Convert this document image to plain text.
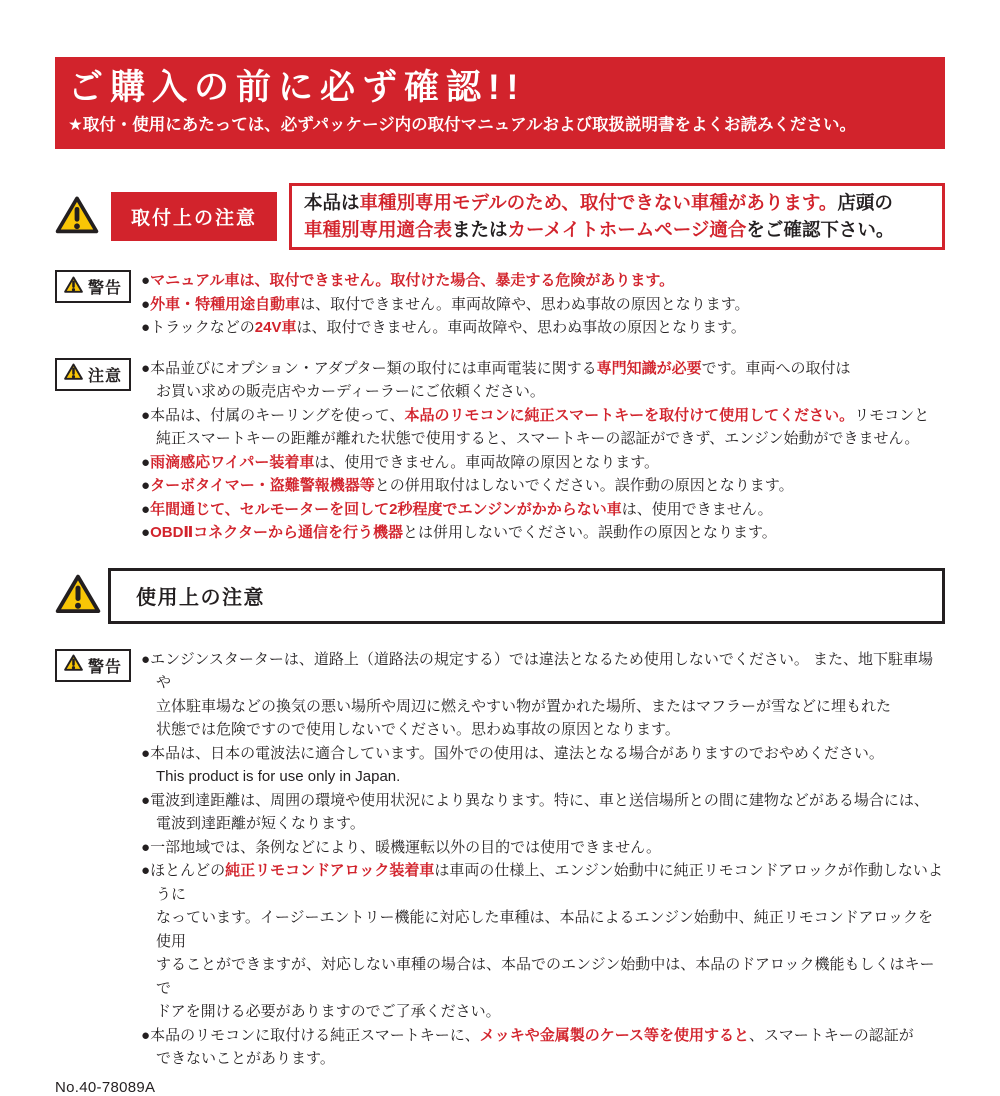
ご購入の前に必ず確認!!
★取付・使用にあたっては、必ずパッケージ内の取付マニュアルおよび取扱説明書をよくお読みください。
取付上の注意
本品は車種別専用モデルのため、取付できない車種があります。店頭の
車種別専用適合表またはカーメイトホームページ適合をご確認下さい。
警告 ●マニュアル車は、取付できません。取付けた場合、暴走する危険があります。
●外車・特種用途自動車は、取付できません。車両故障や、思わぬ事故の原因となります。
●トラックなどの24V車は、取付できません。車両故障や、思わぬ事故の原因となります。
注意 ●本品並びにオプション・アダプター類の取付には車両電装に関する専門知識が必要です。車両への取付は
お買い求めの販売店やカーディーラーにご依頼ください。
●本品は、付属のキーリングを使って、本品のリモコンに純正スマートキーを取付けて使用してください。リモコンと
純正スマートキーの距離が離れた状態で使用すると、スマートキーの認証ができず、エンジン始動ができません。
●雨滴感応ワイパー装着車は、使用できません。車両故障の原因となります。
●ターボタイマー・盗難警報機器等との併用取付はしないでください。誤作動の原因となります。
●年間通じて、セルモーターを回して2秒程度でエンジンがかからない車は、使用できません。
●OBDⅡコネクターから通信を行う機器とは併用しないでください。誤動作の原因となります。
使用上の注意
警告 ●エンジンスターターは、道路上（道路法の規定する）では違法となるため使用しないでください。 また、地下駐車場や
立体駐車場などの換気の悪い場所や周辺に燃えやすい物が置かれた場所、またはマフラーが雪などに埋もれた
状態では危険ですので使用しないでください。思わぬ事故の原因となります。
●本品は、日本の電波法に適合しています。国外での使用は、違法となる場合がありますのでおやめください。
This product is for use only in Japan.
●電波到達距離は、周囲の環境や使用状況により異なります。特に、車と送信場所との間に建物などがある場合には、
電波到達距離が短くなります。
●一部地域では、条例などにより、暖機運転以外の目的では使用できません。
●ほとんどの純正リモコンドアロック装着車は車両の仕様上、エンジン始動中に純正リモコンドアロックが作動しないように
なっています。イージーエントリー機能に対応した車種は、本品によるエンジン始動中、純正リモコンドアロックを使用
することができますが、対応しない車種の場合は、本品でのエンジン始動中は、本品のドアロック機能もしくはキーで
ドアを開ける必要がありますのでご了承ください。
●本品のリモコンに取付ける純正スマートキーに、メッキや金属製のケース等を使用すると、スマートキーの認証が
できないことがあります。
No.40-78089A
